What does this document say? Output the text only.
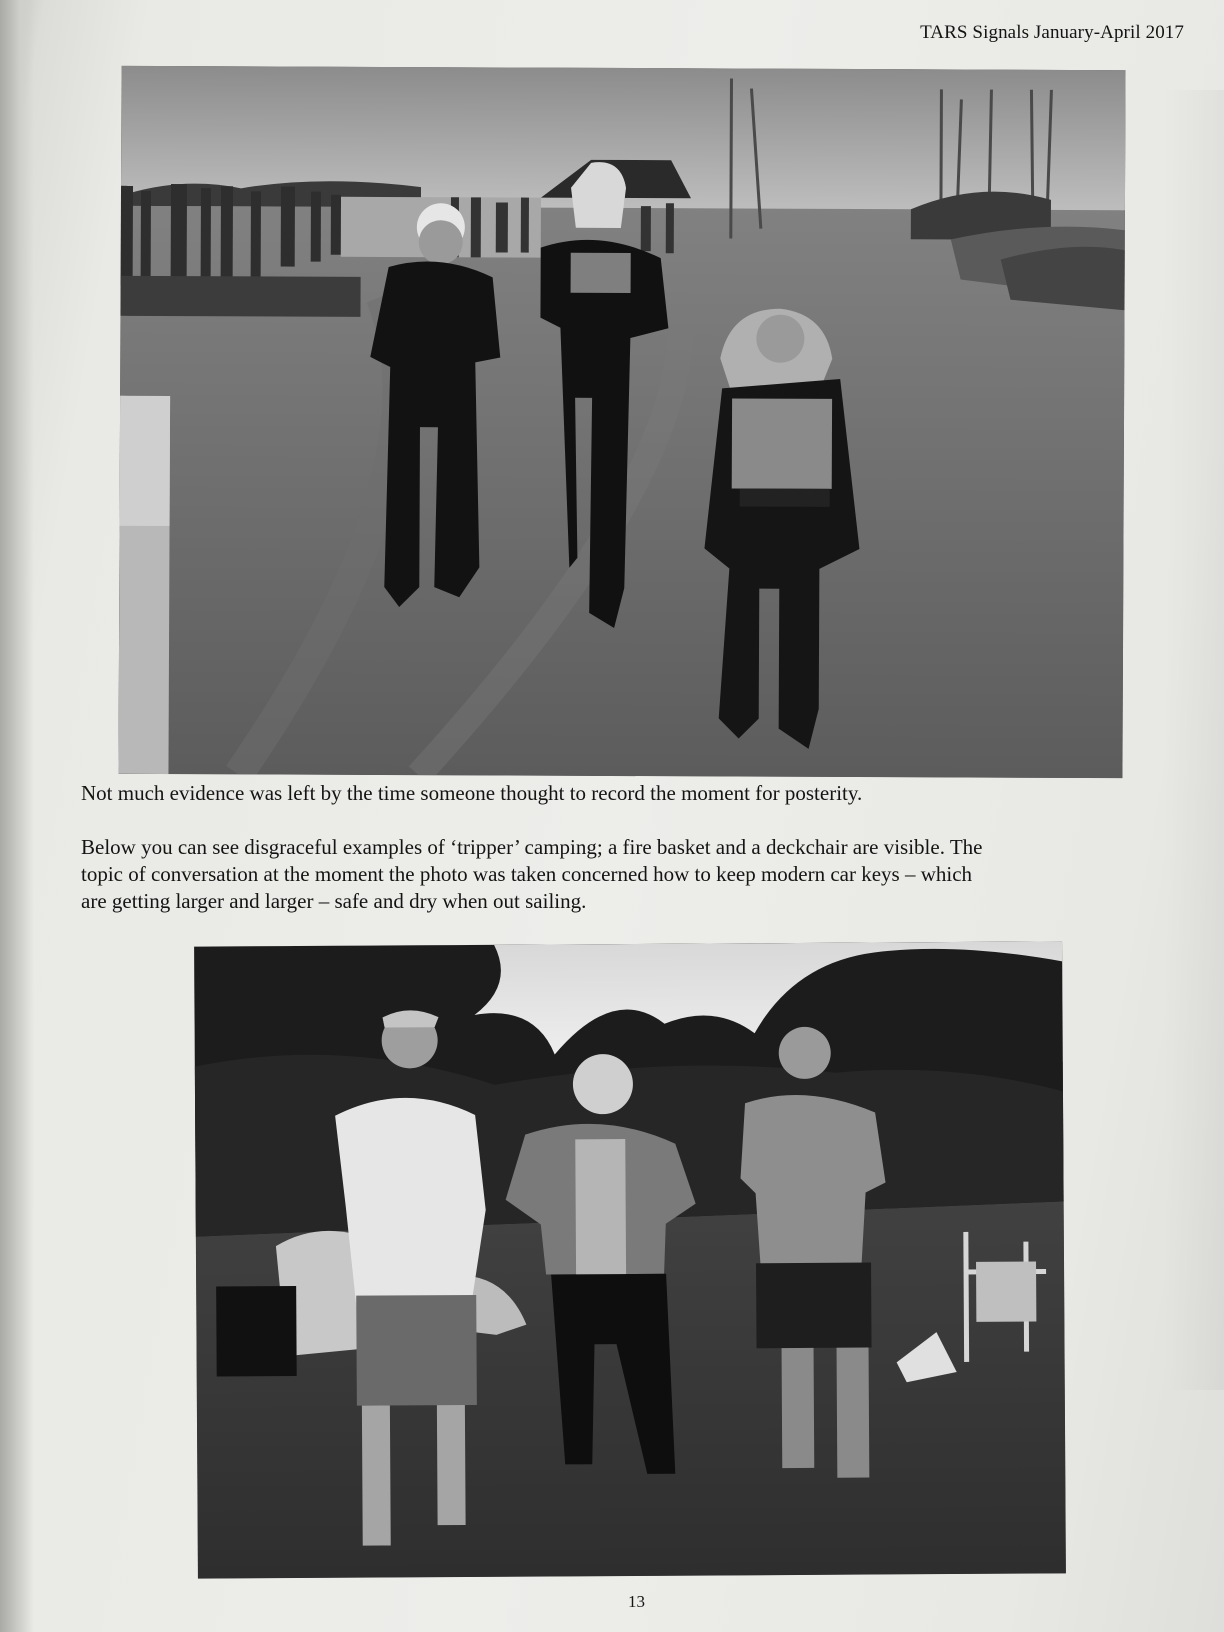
TARS Signals January-April 2017
Not much evidence was left by the time someone thought to record the moment for posterity.
Below you can see disgraceful examples of ‘tripper’ camping; a fire basket and a deckchair are visible. The
topic of conversation at the moment the photo was taken concerned how to keep modern car keys – which
are getting larger and larger – safe and dry when out sailing.
13
